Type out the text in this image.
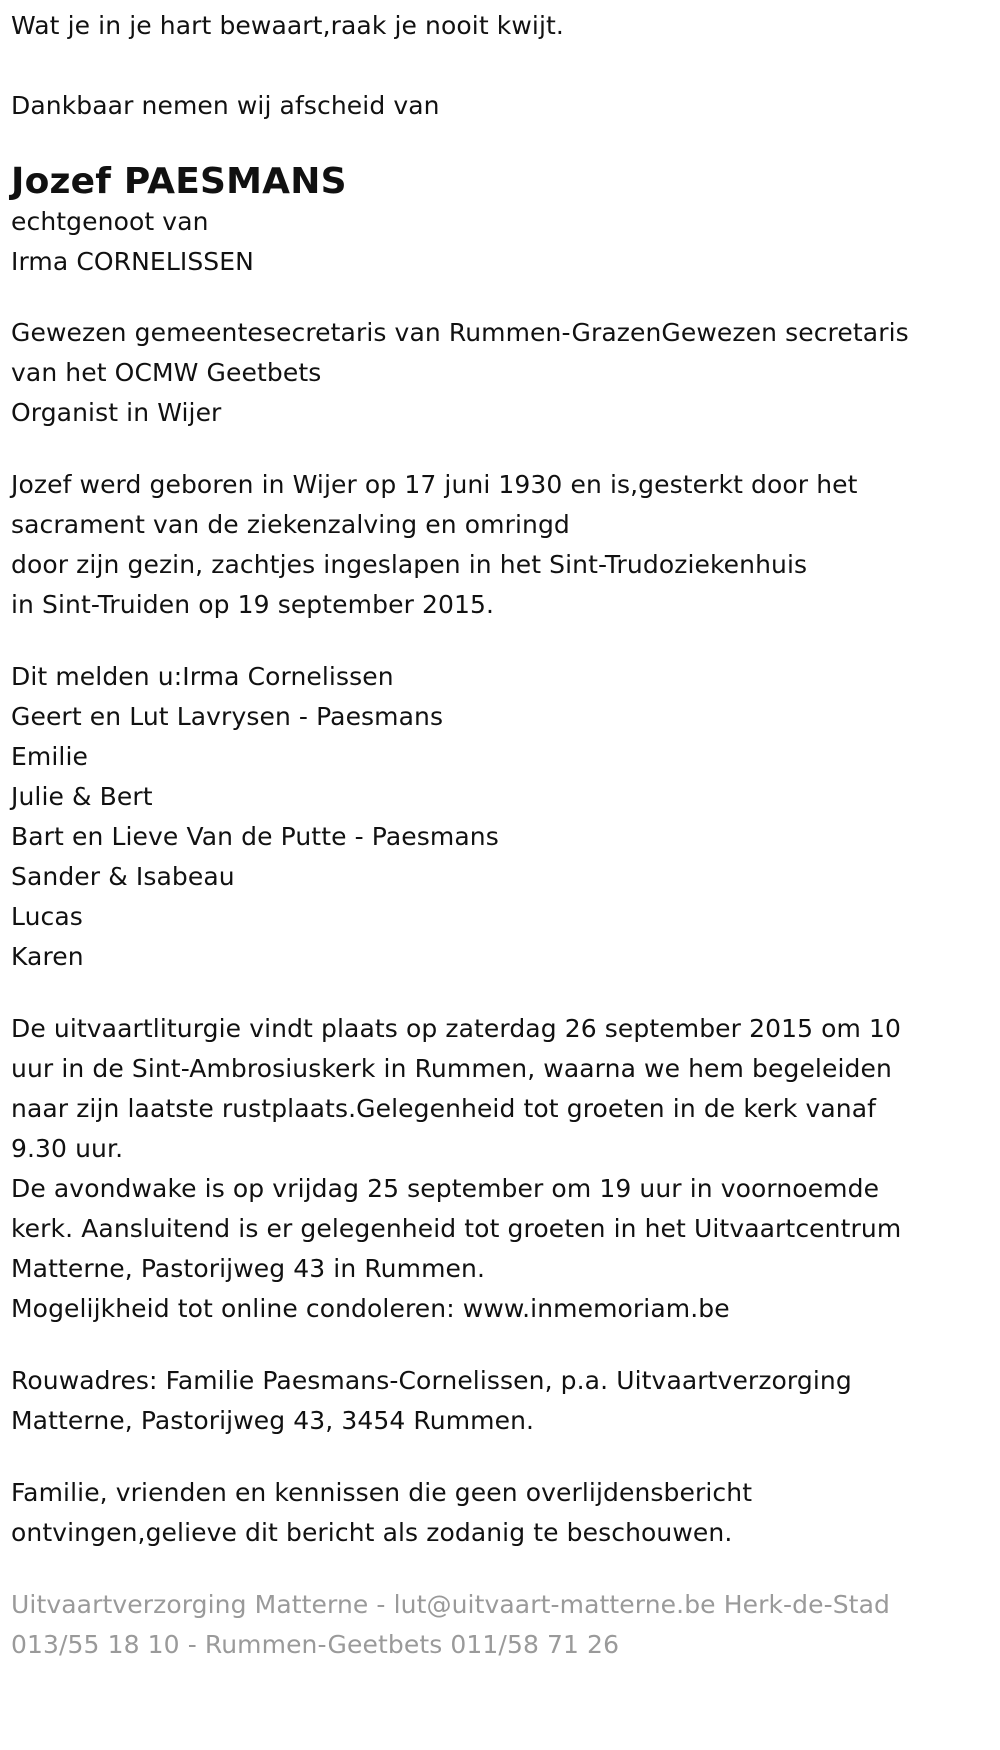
Wat je in je hart bewaart,raak je nooit kwijt.
Dankbaar nemen wij afscheid van
Jozef PAESMANS
echtgenoot van
Irma CORNELISSEN
Gewezen gemeentesecretaris van Rummen-GrazenGewezen secretaris
van het OCMW Geetbets
Organist in Wijer
Jozef werd geboren in Wijer op 17 juni 1930 en is,gesterkt door het
sacrament van de ziekenzalving en omringd
door zijn gezin, zachtjes ingeslapen in het Sint-Trudoziekenhuis
in Sint-Truiden op 19 september 2015.
Dit melden u:Irma Cornelissen
Geert en Lut Lavrysen - Paesmans
Emilie
Julie & Bert
Bart en Lieve Van de Putte - Paesmans
Sander & Isabeau
Lucas
Karen
De uitvaartliturgie vindt plaats op zaterdag 26 september 2015 om 10
uur in de Sint-Ambrosiuskerk in Rummen, waarna we hem begeleiden
naar zijn laatste rustplaats.Gelegenheid tot groeten in de kerk vanaf
9.30 uur.
De avondwake is op vrijdag 25 september om 19 uur in voornoemde
kerk. Aansluitend is er gelegenheid tot groeten in het Uitvaartcentrum
Matterne, Pastorijweg 43 in Rummen.
Mogelijkheid tot online condoleren: www.inmemoriam.be
Rouwadres: Familie Paesmans-Cornelissen, p.a. Uitvaartverzorging
Matterne, Pastorijweg 43, 3454 Rummen.
Familie, vrienden en kennissen die geen overlijdensbericht
ontvingen,gelieve dit bericht als zodanig te beschouwen.
Uitvaartverzorging Matterne - lut@uitvaart-matterne.be Herk-de-Stad
013/55 18 10 - Rummen-Geetbets 011/58 71 26
